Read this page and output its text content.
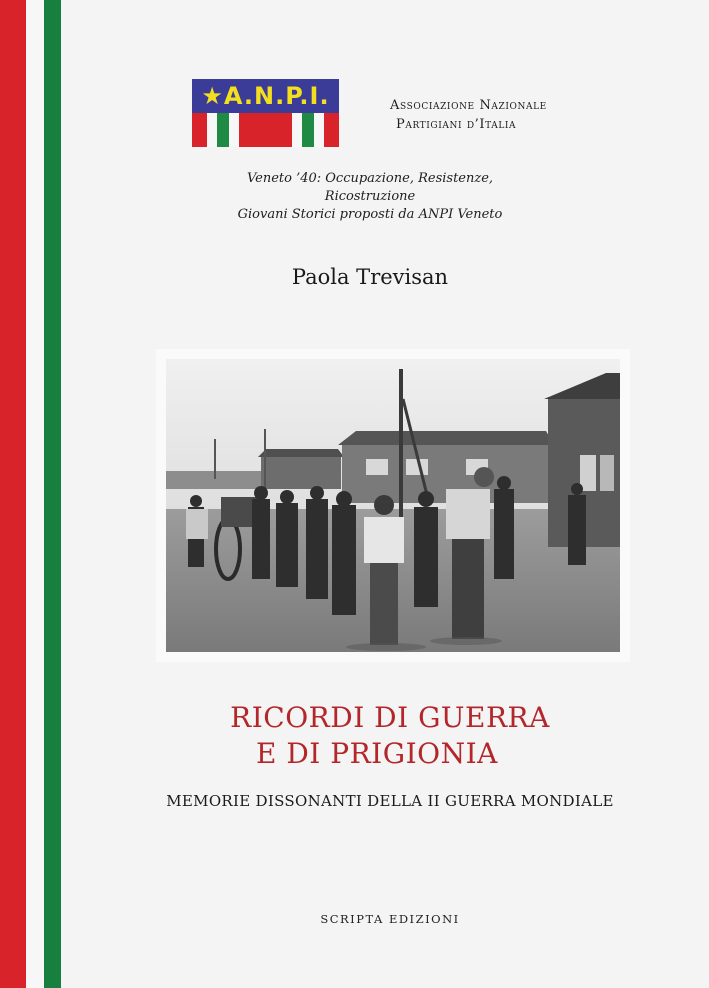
★A.N.P.I.	Associazione Nazionale
Partigiani d’Italia
Veneto ’40: Occupazione, Resistenze, Ricostruzione
Giovani Storici proposti da ANPI Veneto
Paola Trevisan
RICORDI DI GUERRA
E DI PRIGIONIA
MEMORIE DISSONANTI DELLA II GUERRA MONDIALE
SCRIPTA EDIZIONI
